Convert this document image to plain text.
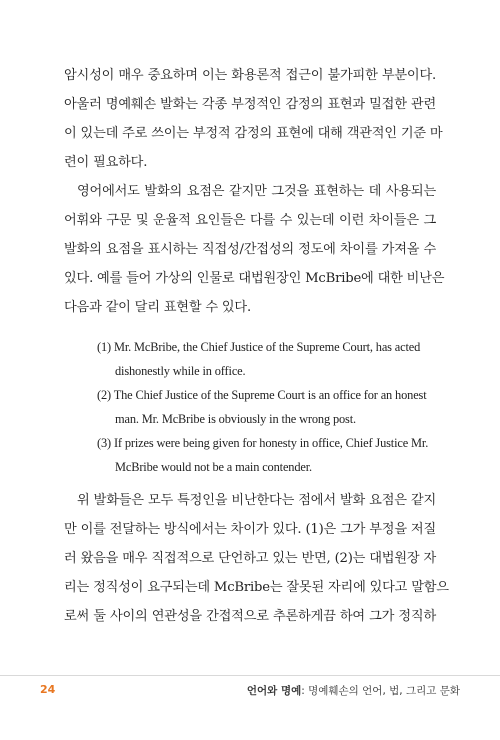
암시성이 매우 중요하며 이는 화용론적 접근이 불가피한 부분이다.
아울러 명예훼손 발화는 각종 부정적인 감정의 표현과 밀접한 관련
이 있는데 주로 쓰이는 부정적 감정의 표현에 대해 객관적인 기준 마
련이 필요하다.
영어에서도 발화의 요점은 같지만 그것을 표현하는 데 사용되는
어휘와 구문 및 운율적 요인들은 다를 수 있는데 이런 차이들은 그
발화의 요점을 표시하는 직접성/간접성의 정도에 차이를 가져올 수
있다. 예를 들어 가상의 인물로 대법원장인 McBribe에 대한 비난은
다음과 같이 달리 표현할 수 있다.
(1) Mr. McBribe, the Chief Justice of the Supreme Court, has acted
dishonestly while in office.
(2) The Chief Justice of the Supreme Court is an office for an honest
man. Mr. McBribe is obviously in the wrong post.
(3) If prizes were being given for honesty in office, Chief Justice Mr.
McBribe would not be a main contender.
위 발화들은 모두 특정인을 비난한다는 점에서 발화 요점은 같지
만 이를 전달하는 방식에서는 차이가 있다. (1)은 그가 부정을 저질
러 왔음을 매우 직접적으로 단언하고 있는 반면, (2)는 대법원장 자
리는 정직성이 요구되는데 McBribe는 잘못된 자리에 있다고 말함으
로써 둘 사이의 연관성을 간접적으로 추론하게끔 하여 그가 정직하
24	언어와 명예: 명예훼손의 언어, 법, 그리고 문화
